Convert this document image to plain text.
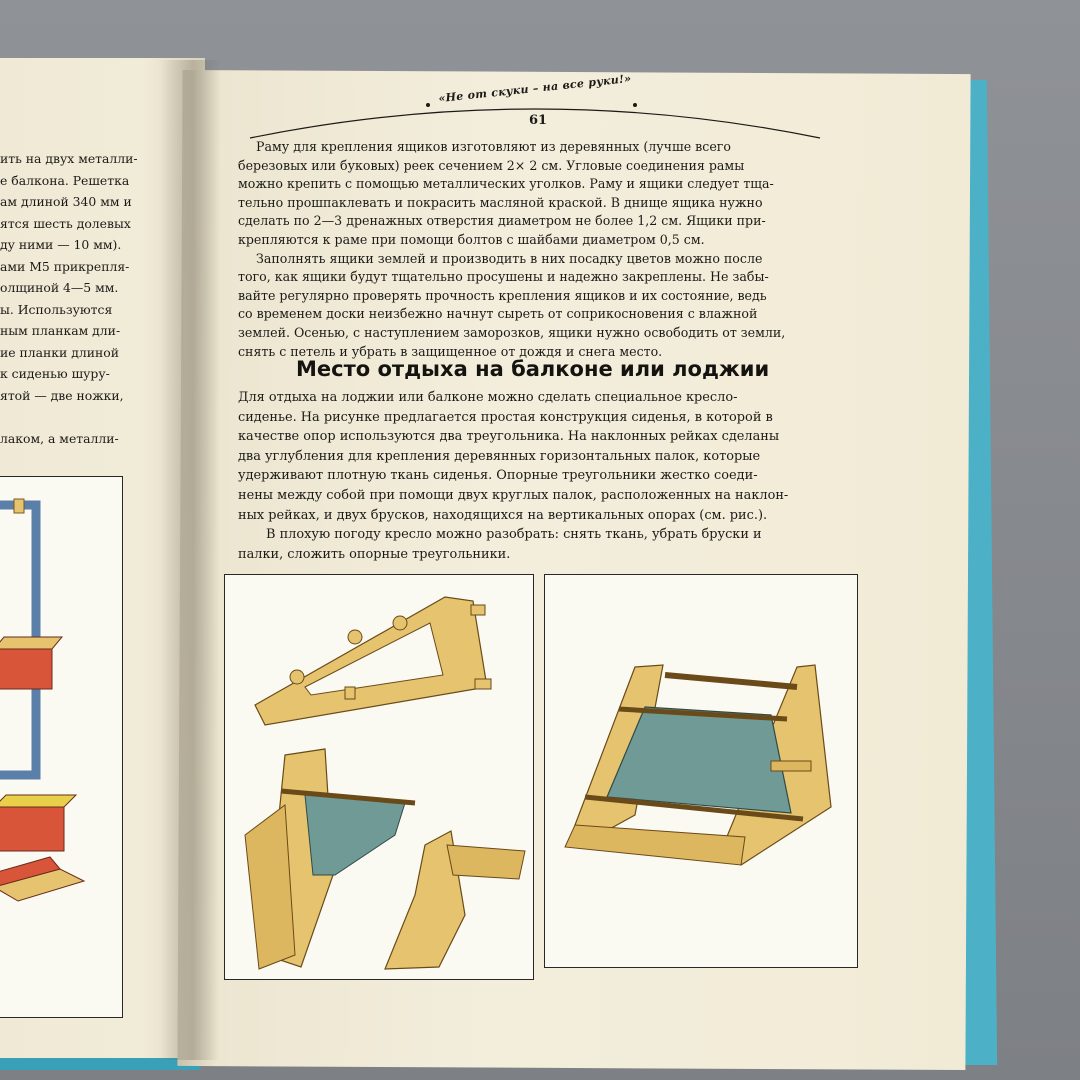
ить на двух металли-
е балкона. Решетка
ам длиной 340 мм и
ятся шесть долевых
ду ними — 10 мм).
ами М5 прикрепля-
олщиной 4—5 мм.
ы. Используются
ным планкам дли-
ие планки длиной
к сиденью шуру-
ятой — две ножки,

лаком, а металли-

«Не от скуки – на все руки!»
61
Раму для крепления ящиков изготовляют из деревянных (лучше всего
березовых или буковых) реек сечением 2× 2 см. Угловые соединения рамы
можно крепить с помощью металлических уголков. Раму и ящики следует тща-
тельно прошпаклевать и покрасить масляной краской. В днище ящика нужно
сделать по 2—3 дренажных отверстия диаметром не более 1,2 см. Ящики при-
крепляются к раме при помощи болтов с шайбами диаметром 0,5 см.
Заполнять ящики землей и производить в них посадку цветов можно после
того, как ящики будут тщательно просушены и надежно закреплены. Не забы-
вайте регулярно проверять прочность крепления ящиков и их состояние, ведь
со временем доски неизбежно начнут сыреть от соприкосновения с влажной
землей. Осенью, с наступлением заморозков, ящики нужно освободить от земли,
снять с петель и убрать в защищенное от дождя и снега место.
Место отдыха на балконе или лоджии
Для отдыха на лоджии или балконе можно сделать специальное кресло-
сиденье. На рисунке предлагается простая конструкция сиденья, в которой в
качестве опор используются два треугольника. На наклонных рейках сделаны
два углубления для крепления деревянных горизонтальных палок, которые
удерживают плотную ткань сиденья. Опорные треугольники жестко соеди-
нены между собой при помощи двух круглых палок, расположенных на наклон-
ных рейках, и двух брусков, находящихся на вертикальных опорах (см. рис.).
В плохую погоду кресло можно разобрать: снять ткань, убрать бруски и
палки, сложить опорные треугольники.
